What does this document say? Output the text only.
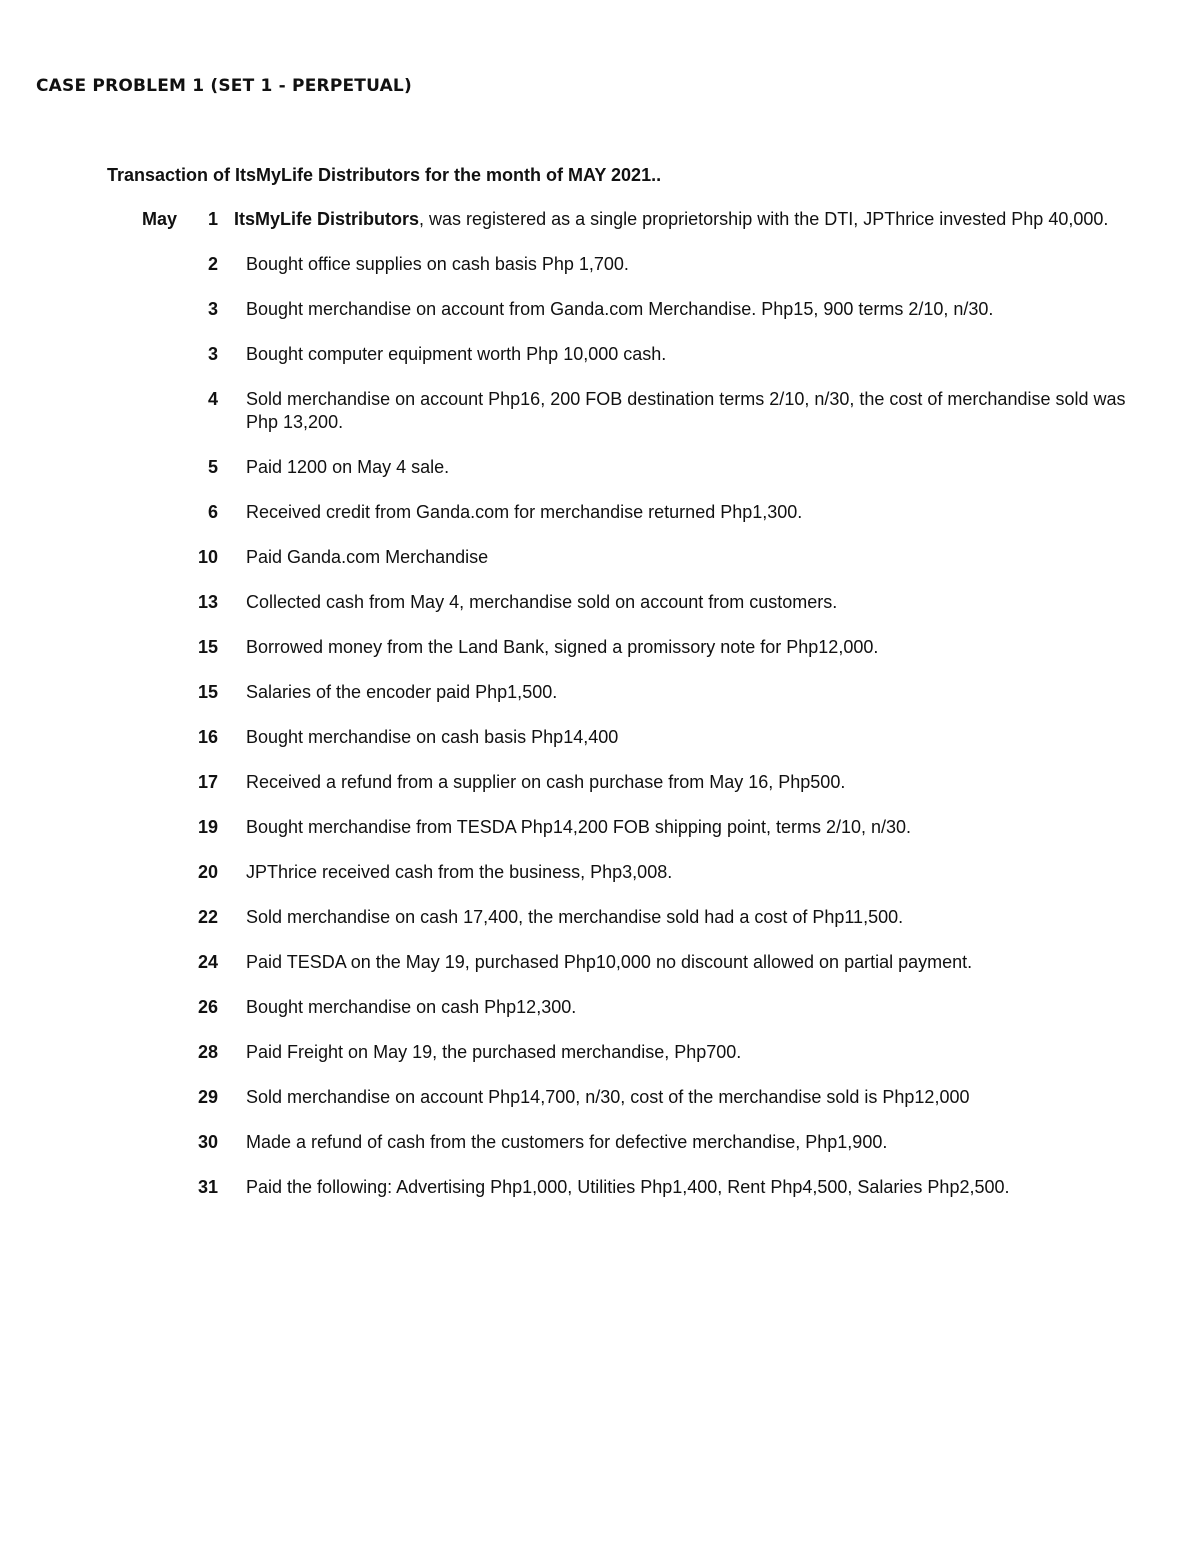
CASE PROBLEM 1 (SET 1 - PERPETUAL)
Transaction of ItsMyLife Distributors for the month of MAY 2021..
May 1 ItsMyLife Distributors, was registered as a single proprietorship with the DTI, JPThrice invested Php 40,000.
2 Bought office supplies on cash basis Php 1,700.
3 Bought merchandise on account from Ganda.com Merchandise. Php15, 900 terms 2/10, n/30.
3 Bought computer equipment worth Php 10,000 cash.
4 Sold merchandise on account Php16, 200 FOB destination terms 2/10, n/30, the cost of merchandise sold was Php 13,200.
5 Paid 1200 on May 4 sale.
6 Received credit from Ganda.com for merchandise returned Php1,300.
10 Paid Ganda.com Merchandise
13 Collected cash from May 4, merchandise sold on account from customers.
15 Borrowed money from the Land Bank, signed a promissory note for Php12,000.
15 Salaries of the encoder paid Php1,500.
16 Bought merchandise on cash basis Php14,400
17 Received a refund from a supplier on cash purchase from May 16, Php500.
19 Bought merchandise from TESDA Php14,200 FOB shipping point, terms 2/10, n/30.
20 JPThrice received cash from the business, Php3,008.
22 Sold merchandise on cash 17,400, the merchandise sold had a cost of Php11,500.
24 Paid TESDA on the May 19, purchased Php10,000 no discount allowed on partial payment.
26 Bought merchandise on cash Php12,300.
28 Paid Freight on May 19, the purchased merchandise, Php700.
29 Sold merchandise on account Php14,700, n/30, cost of the merchandise sold is Php12,000
30 Made a refund of cash from the customers for defective merchandise, Php1,900.
31 Paid the following: Advertising Php1,000, Utilities Php1,400, Rent Php4,500, Salaries Php2,500.
